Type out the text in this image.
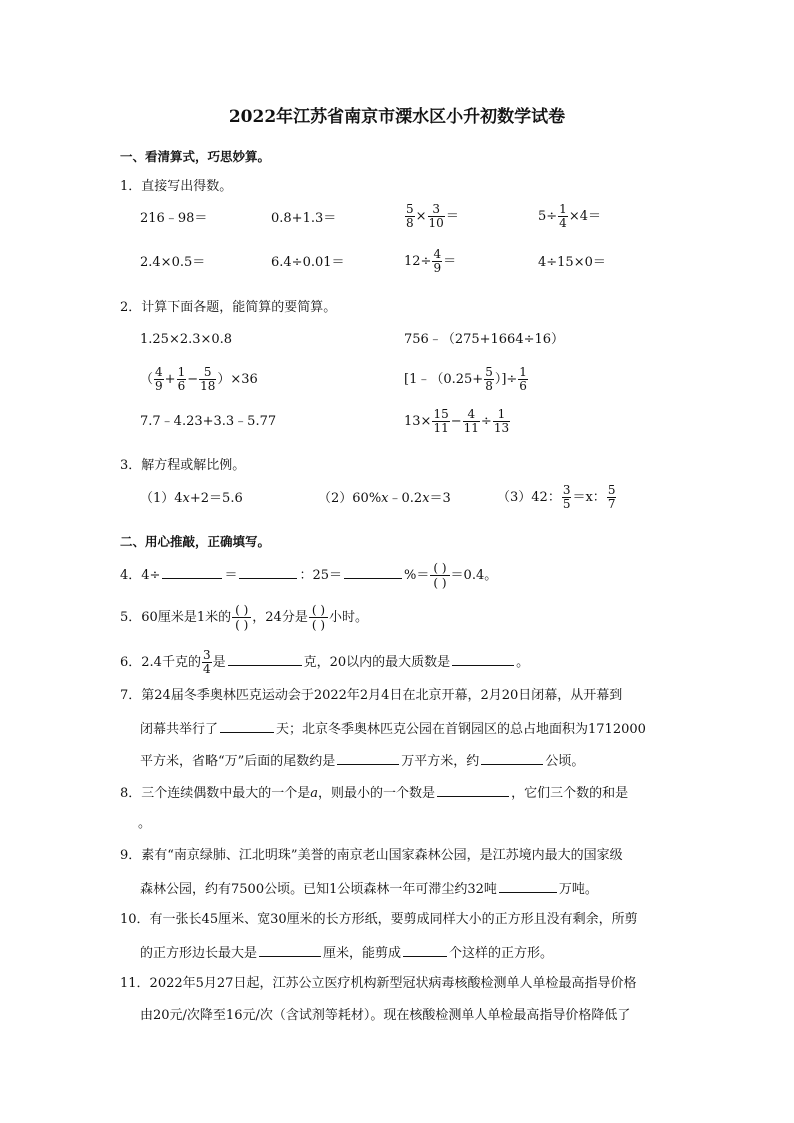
2022年江苏省南京市溧水区小升初数学试卷
一、看清算式，巧思妙算。
1．直接写出得数。
216﹣98＝	0.8+1.3＝	$\frac{5}{8} \times \frac{3}{10}$ ＝	$5\div \frac{1}{4} \times 4=$
2.4×0.5＝	6.4÷0.01＝	$12\div \frac{4}{9}$ ＝	4÷15×0＝
2．计算下面各题，能简算的要简算。
1.25×2.3×0.8	756﹣（275+1664÷16）
（ $\frac{4}{9} + \frac{1}{6} - \frac{5}{18} )\times 36$	[1﹣（0.25+ $\frac{5}{8}$ ）]÷ $\frac{1}{6}$
7.7﹣4.23+3.3﹣5.77	$13\times \frac{15}{11} - \frac{4}{11} \div \frac{1}{13}$
3．解方程或解比例。
（1）4x+2＝5.6	（2）60%x﹣0.2x＝3	（3）42： $\frac{3}{5} =x$： $\frac{5}{7}$
二、用心推敲，正确填写。
4．4÷	＝	：25＝	%＝ ( )
( ) ＝0.4。
5．60厘米是1米的 ( )
( ) ，24分是 ( )
( ) 小时。
6．2.4千克的 $\frac{3}{4}$ 是	克，20以内的最大质数是	。
7．第24届冬季奥林匹克运动会于2022年2月4日在北京开幕，2月20日闭幕，从开幕到
闭幕共举行了	天；北京冬季奥林匹克公园在首钢园区的总占地面积为1712000
平方米，省略“万”后面的尾数约是	万平方米，约	公顷。
8．三个连续偶数中最大的一个是a，则最小的一个数是	，它们三个数的和是
。
9．素有“南京绿肺、江北明珠”美誉的南京老山国家森林公园，是江苏境内最大的国家级
森林公园，约有7500公顷。已知1公顷森林一年可滞尘约32吨	万吨。
10．有一张长45厘米、宽30厘米的长方形纸，要剪成同样大小的正方形且没有剩余，所剪
的正方形边长最大是	厘米，能剪成	个这样的正方形。
11．2022年5月27日起，江苏公立医疗机构新型冠状病毒核酸检测单人单检最高指导价格
由20元/次降至16元/次（含试剂等耗材）。现在核酸检测单人单检最高指导价格降低了
